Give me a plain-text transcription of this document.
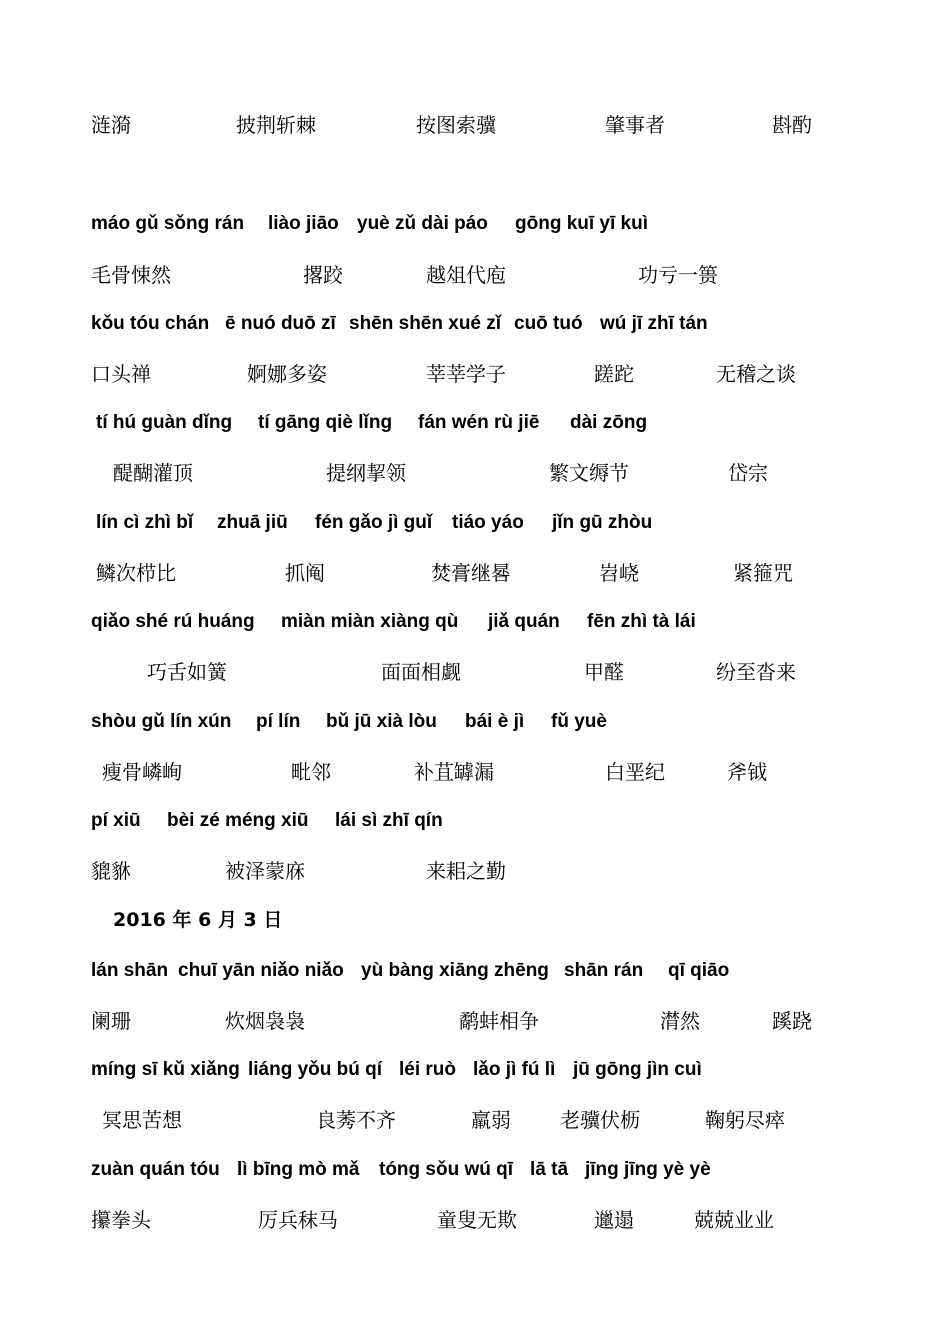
涟漪	披荆斩棘	按图索骥	肇事者	斟酌
máo gǔ sǒng rán liào jiāo yuè zǔ dài páo gōng kuī yī kuì
毛骨悚然	撂跤	越俎代庖	功亏一篑
kǒu tóu chán ē nuó duō zī shēn shēn xué zǐ cuō tuó wú jī zhī tán
口头禅	婀娜多姿	莘莘学子	蹉跎	无稽之谈
tí hú guàn dǐng tí gāng qiè lǐng fán wén rù jiē dài zōng
醍醐灌顶	提纲挈领	繁文缛节	岱宗
lín cì zhì bǐ zhuā jiū fén gǎo jì guǐ tiáo yáo jǐn gū zhòu
鳞次栉比	抓阄	焚膏继晷	岧峣	紧箍咒
qiǎo shé rú huáng miàn miàn xiàng qù jiǎ quán fēn zhì tà lái
巧舌如簧	面面相觑	甲醛	纷至沓来
shòu gǔ lín xún pí lín bǔ jū xià lòu bái è jì fǔ yuè
瘦骨嶙峋	毗邻	补苴罅漏	白垩纪	斧钺
pí xiū bèi zé méng xiū lái sì zhī qín
貔貅	被泽蒙庥	来耜之勤
2016 年 6 月 3 日
lán shān chuī yān niǎo niǎo yù bàng xiāng zhēng shān rán qī qiāo
阑珊	炊烟袅袅	鹬蚌相争	潸然	蹊跷
míng sī kǔ xiǎng liáng yǒu bú qí léi ruò lǎo jì fú lì jū gōng jìn cuì
冥思苦想	良莠不齐	羸弱 老骥伏枥	鞠躬尽瘁
zuàn quán tóu lì bīng mò mǎ tóng sǒu wú qī lā tā jīng jīng yè yè
攥拳头	厉兵秣马	童叟无欺	邋遢	兢兢业业
